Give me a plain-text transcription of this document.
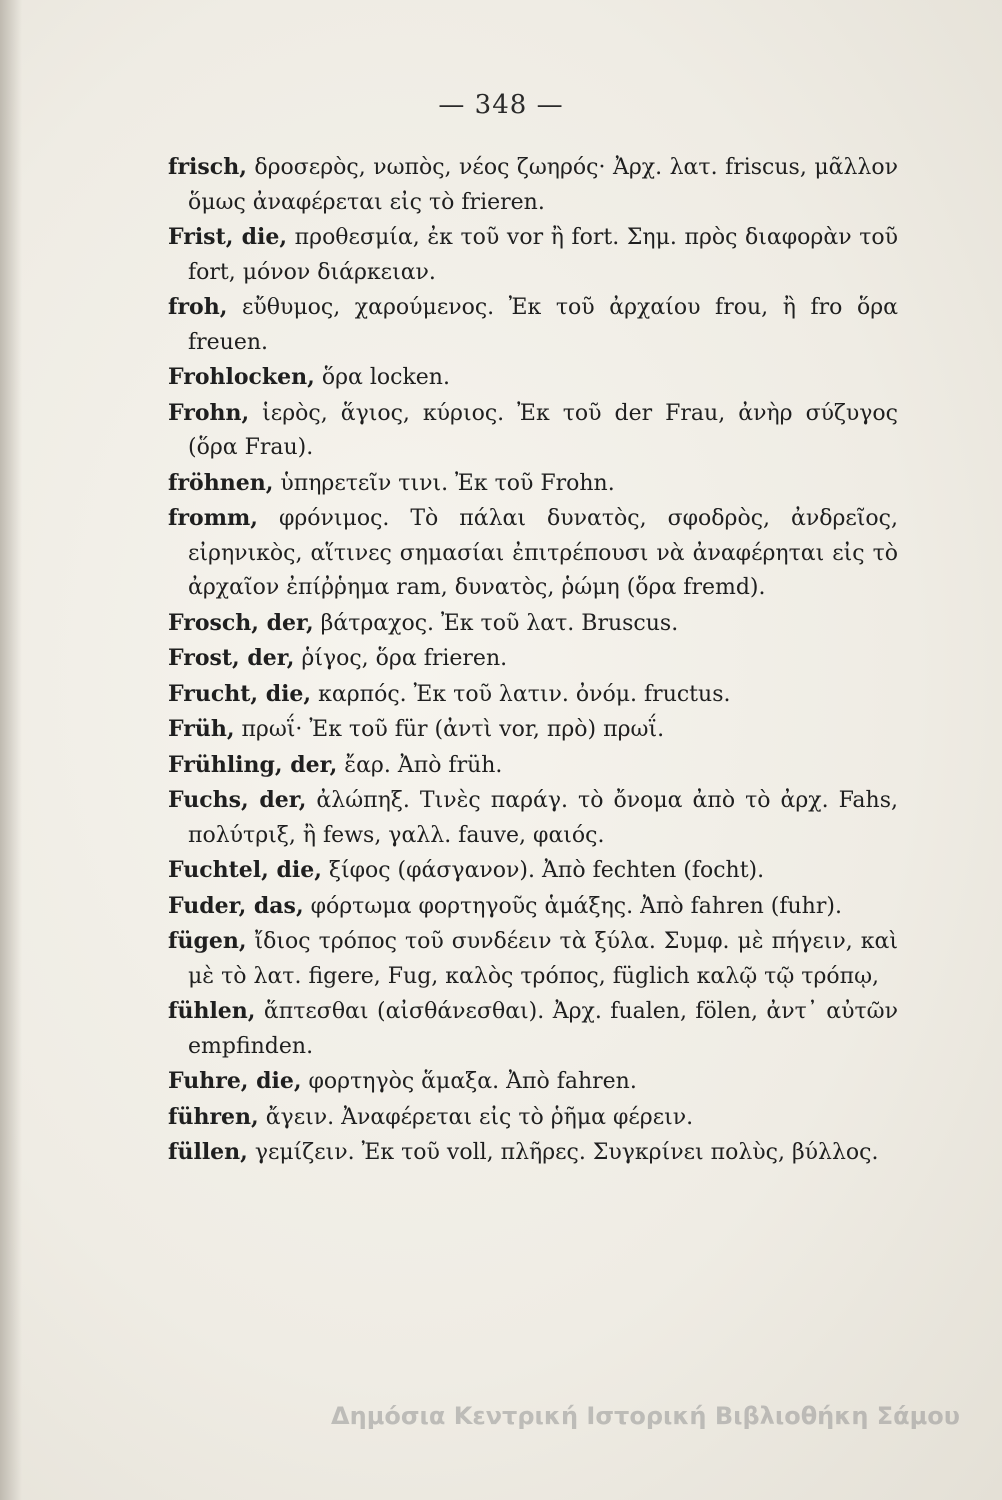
— 348 —

frisch, δροσερὸς, νωπὸς, νέος ζωηρός· Ἀρχ. λατ. friscus, μᾶλλον ὅμως ἀναφέρεται εἰς τὸ frieren.

Frist, die, προθεσμία, ἐκ τοῦ vor ἢ fort. Σημ. πρὸς διαφορὰν τοῦ fort, μόνον διάρκειαν.

froh, εὔθυμος, χαρούμενος. Ἐκ τοῦ ἀρχαίου frou, ἢ fro ὅρα freuen.

Frohlocken, ὅρα locken.

Frohn, ἱερὸς, ἅγιος, κύριος. Ἐκ τοῦ der Frau, ἀνὴρ σύζυγος (ὅρα Frau).

fröhnen, ὑπηρετεῖν τινι. Ἐκ τοῦ Frohn.

fromm, φρόνιμος. Τὸ πάλαι δυνατὸς, σφοδρὸς, ἀνδρεῖος, εἰρηνικὸς, αἵτινες σημασίαι ἐπιτρέπουσι νὰ ἀναφέρηται εἰς τὸ ἀρχαῖον ἐπίῤῥημα ram, δυνατὸς, ῥώμη (ὅρα fremd).

Frosch, der, βάτραχος. Ἐκ τοῦ λατ. Bruscus.

Frost, der, ῥίγος, ὅρα frieren.

Frucht, die, καρπός. Ἐκ τοῦ λατιν. ὀνόμ. fructus.

Früh, πρωΐ· Ἐκ τοῦ für (ἀντὶ vor, πρὸ) πρωΐ.

Frühling, der, ἔαρ. Ἀπὸ früh.

Fuchs, der, ἀλώπηξ. Τινὲς παράγ. τὸ ὄνομα ἀπὸ τὸ ἀρχ. Fahs, πολύτριξ, ἢ fews, γαλλ. fauve, φαιός.

Fuchtel, die, ξίφος (φάσγανον). Ἀπὸ fechten (focht).

Fuder, das, φόρτωμα φορτηγοῦς ἁμάξης. Ἀπὸ fahren (fuhr).

fügen, ἴδιος τρόπος τοῦ συνδέειν τὰ ξύλα. Συμφ. μὲ πήγειν, καὶ μὲ τὸ λατ. figere, Fug, καλὸς τρόπος, füglich καλῷ τῷ τρόπῳ,

fühlen, ἅπτεσθαι (αἰσθάνεσθαι). Ἀρχ. fualen, fölen, ἀντ᾽ αὐτῶν empfinden.

Fuhre, die, φορτηγὸς ἅμαξα. Ἀπὸ fahren.

führen, ἄγειν. Ἀναφέρεται εἰς τὸ ῥῆμα φέρειν.

füllen, γεμίζειν. Ἐκ τοῦ voll, πλῆρες. Συγκρίνει πολὺς, βύλλος.

Δημόσια Κεντρική Ιστορική Βιβλιοθήκη Σάμου
